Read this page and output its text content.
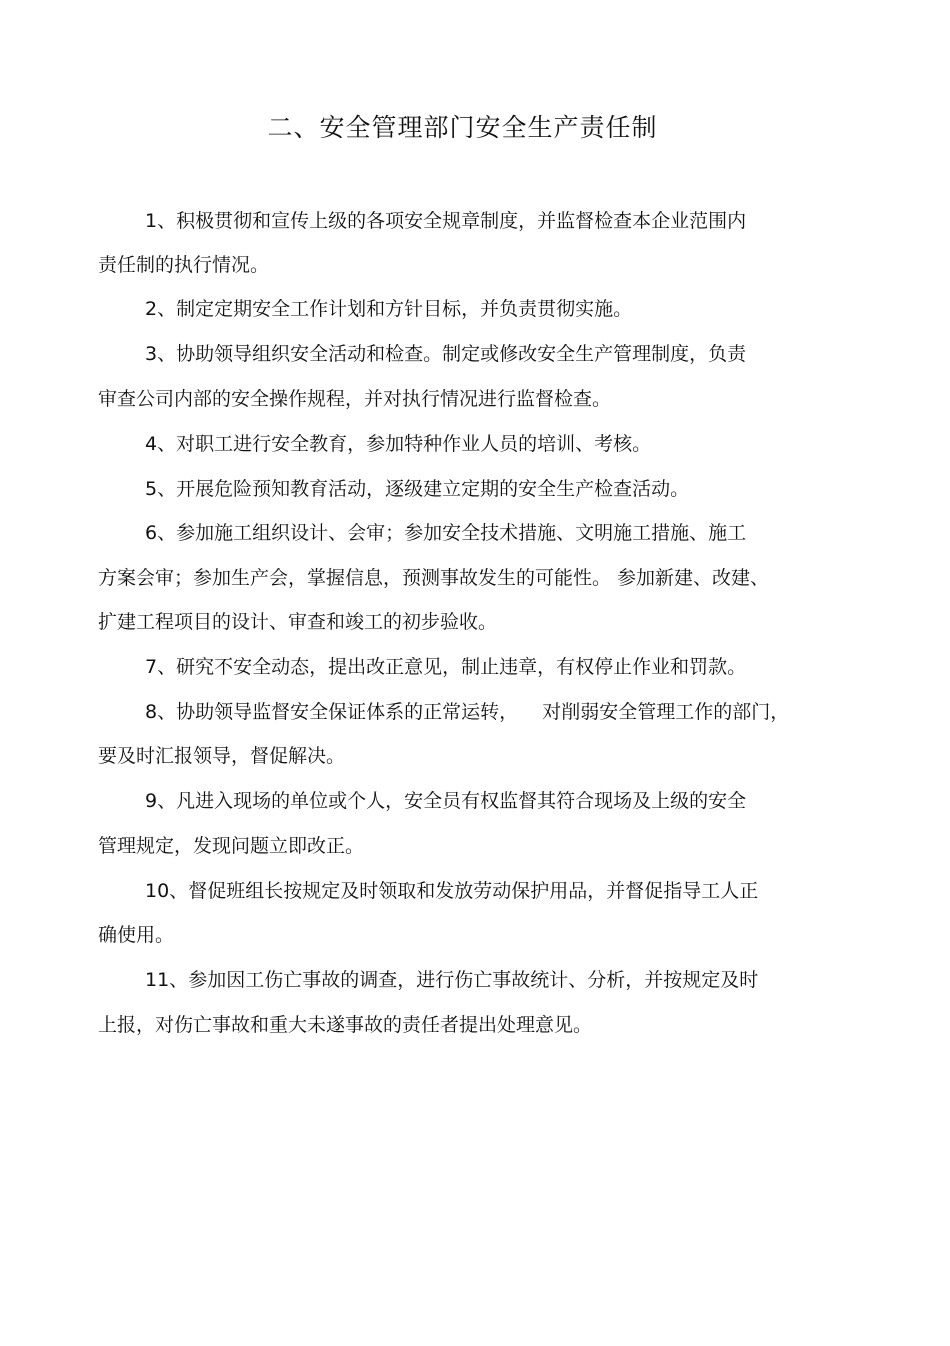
二、安全管理部门安全生产责任制

1、积极贯彻和宣传上级的各项安全规章制度，并监督检查本企业范围内

责任制的执行情况。

2、制定定期安全工作计划和方针目标，并负责贯彻实施。

3、协助领导组织安全活动和检查。制定或修改安全生产管理制度，负责

审查公司内部的安全操作规程，并对执行情况进行监督检查。

4、对职工进行安全教育，参加特种作业人员的培训、考核。

5、开展危险预知教育活动，逐级建立定期的安全生产检查活动。

6、参加施工组织设计、会审；参加安全技术措施、文明施工措施、施工

方案会审；参加生产会，掌握信息，预测事故发生的可能性。 参加新建、改建、

扩建工程项目的设计、审查和竣工的初步验收。

7、研究不安全动态，提出改正意见，制止违章，有权停止作业和罚款。

8、协助领导监督安全保证体系的正常运转，    对削弱安全管理工作的部门，

要及时汇报领导，督促解决。

9、凡进入现场的单位或个人，安全员有权监督其符合现场及上级的安全

管理规定，发现问题立即改正。

10、督促班组长按规定及时领取和发放劳动保护用品，并督促指导工人正

确使用。

11、参加因工伤亡事故的调查，进行伤亡事故统计、分析，并按规定及时

上报，对伤亡事故和重大未遂事故的责任者提出处理意见。
